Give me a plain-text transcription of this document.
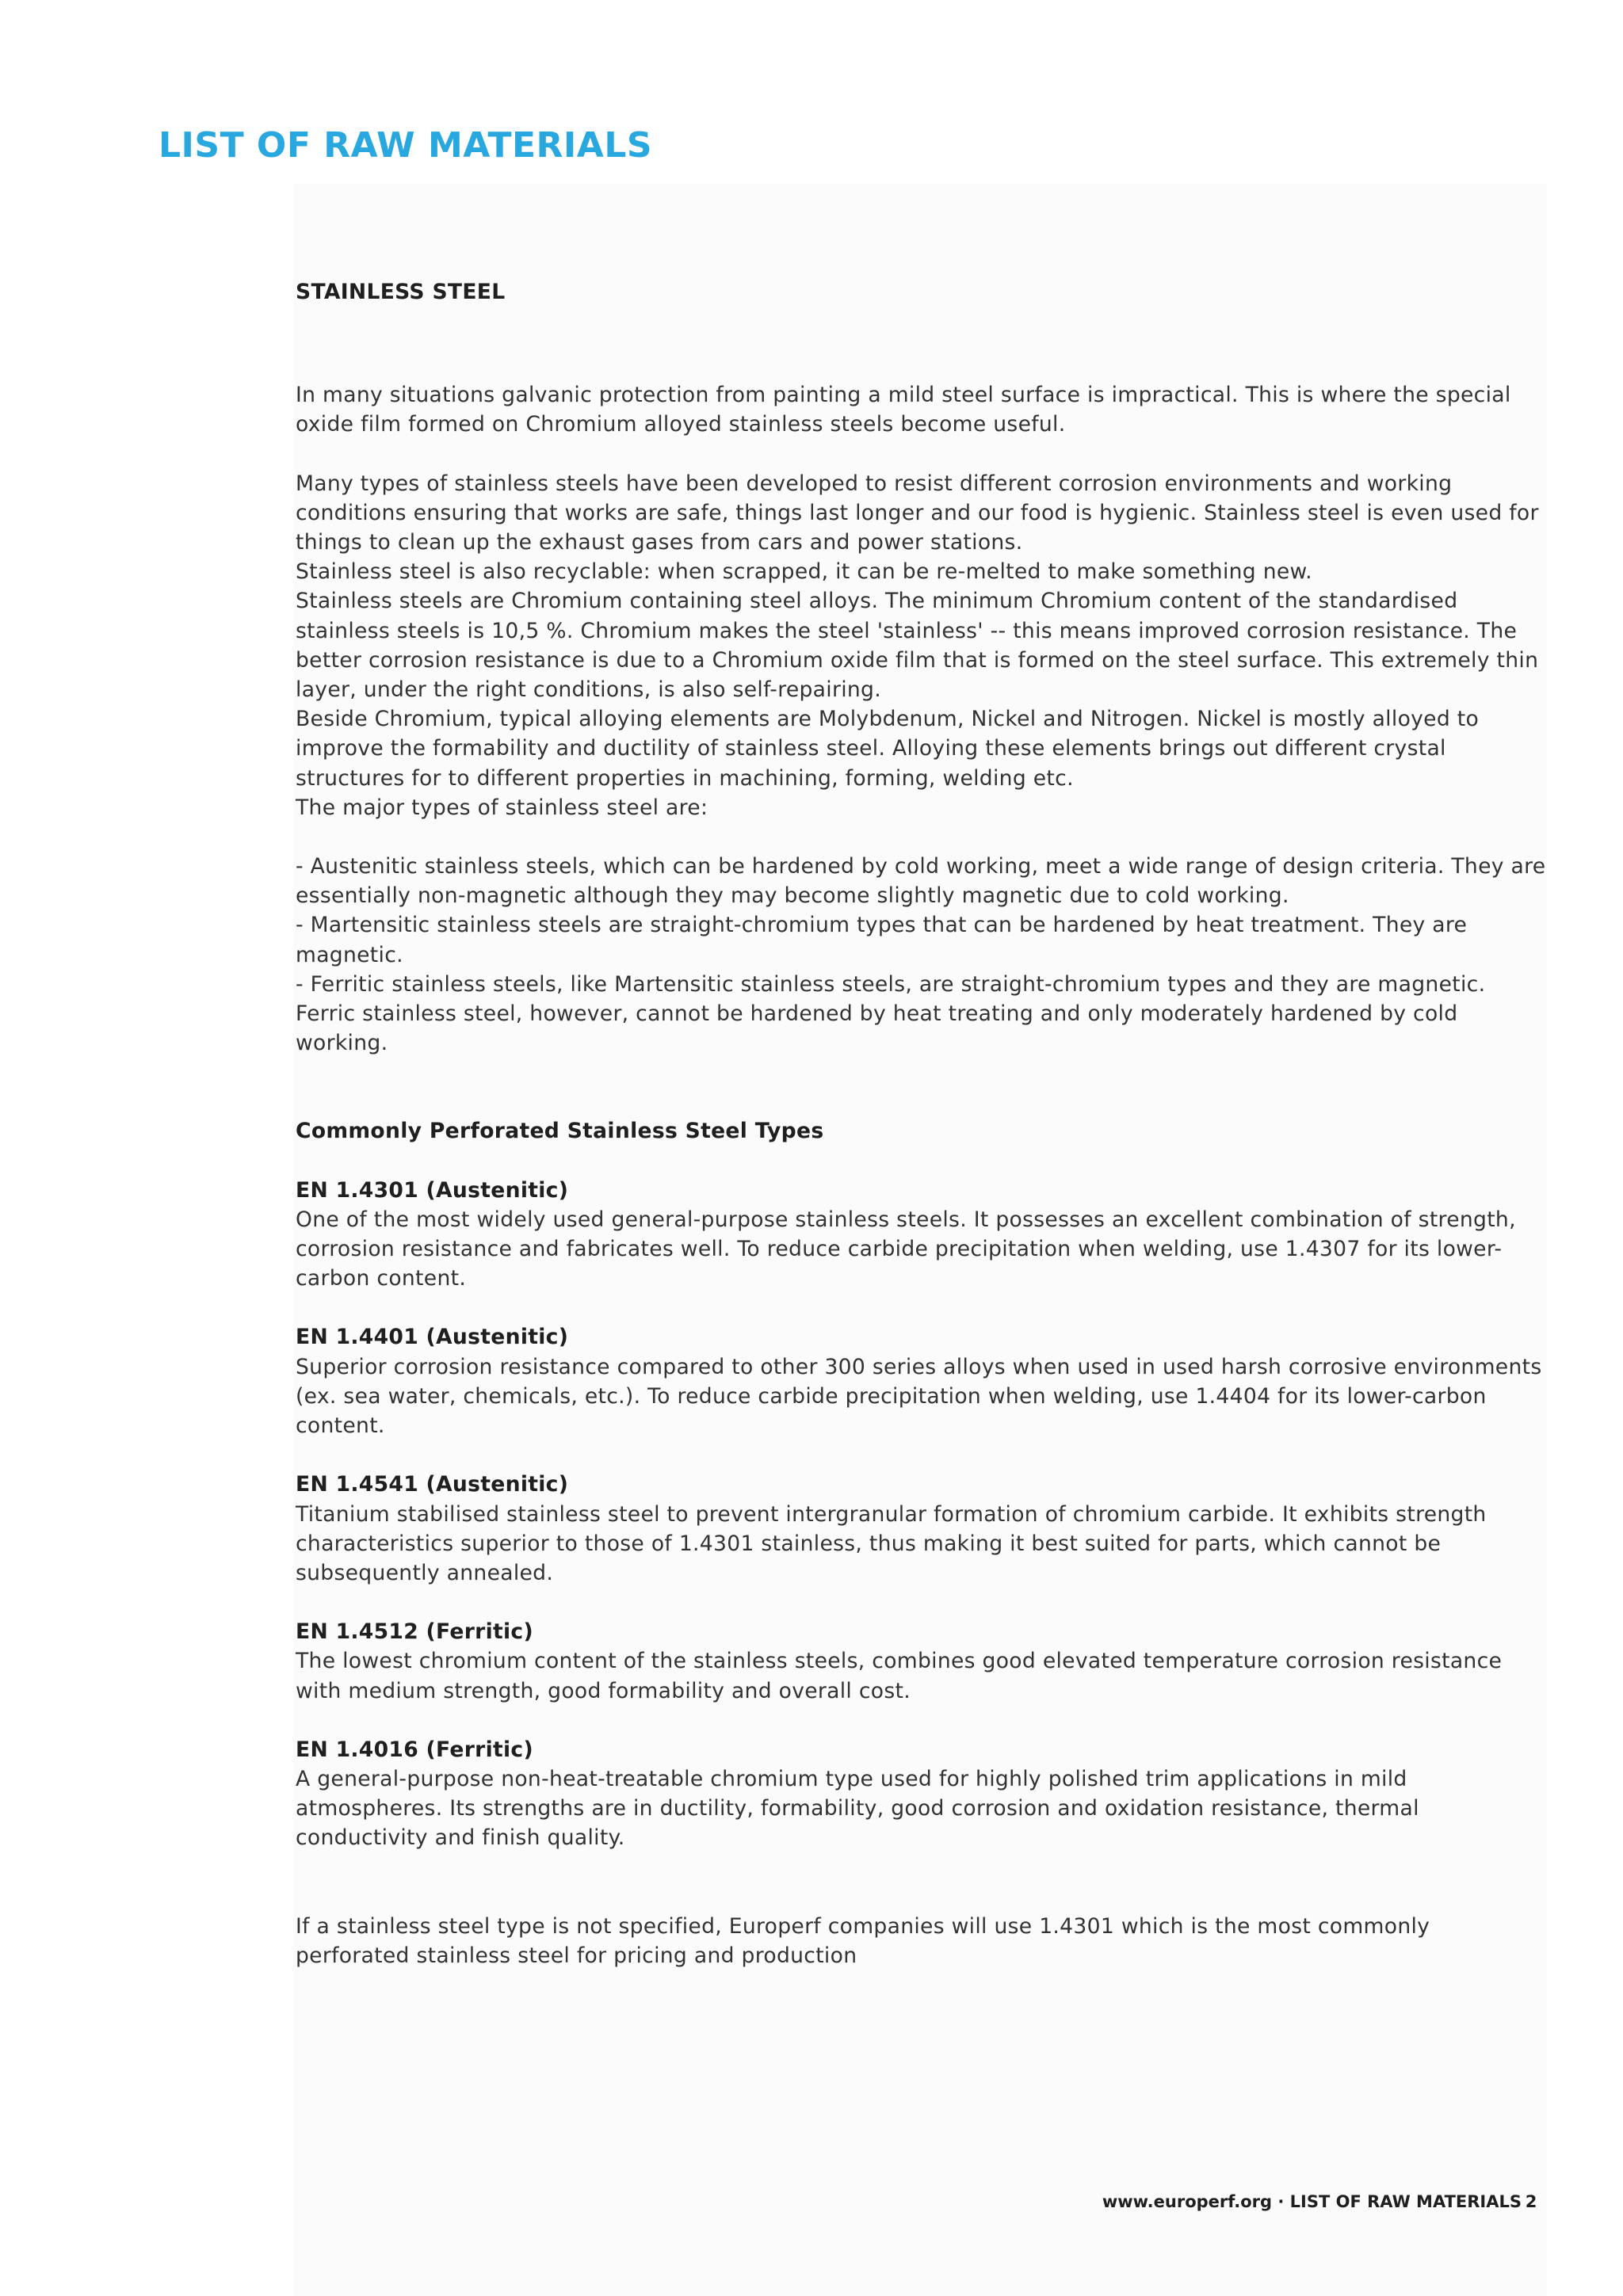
LIST OF RAW MATERIALS

STAINLESS STEEL

In many situations galvanic protection from painting a mild steel surface is impractical. This is where the special oxide film formed on Chromium alloyed stainless steels become useful.

Many types of stainless steels have been developed to resist different corrosion environments and working conditions ensuring that works are safe, things last longer and our food is hygienic. Stainless steel is even used for things to clean up the exhaust gases from cars and power stations.

Stainless steel is also recyclable: when scrapped, it can be re-melted to make something new.

Stainless steels are Chromium containing steel alloys. The minimum Chromium content of the standardised stainless steels is 10,5 %. Chromium makes the steel 'stainless' -- this means improved corrosion resistance. The better corrosion resistance is due to a Chromium oxide film that is formed on the steel surface. This extremely thin layer, under the right conditions, is also self-repairing.

Beside Chromium, typical alloying elements are Molybdenum, Nickel and Nitrogen. Nickel is mostly alloyed to improve the formability and ductility of stainless steel. Alloying these elements brings out different crystal structures for to different properties in machining, forming, welding etc.

The major types of stainless steel are:

- Austenitic stainless steels, which can be hardened by cold working, meet a wide range of design criteria. They are essentially non-magnetic although they may become slightly magnetic due to cold working.

- Martensitic stainless steels are straight-chromium types that can be hardened by heat treatment. They are magnetic.

- Ferritic stainless steels, like Martensitic stainless steels, are straight-chromium types and they are magnetic. Ferric stainless steel, however, cannot be hardened by heat treating and only moderately hardened by cold working.

Commonly Perforated Stainless Steel Types

EN 1.4301 (Austenitic)

One of the most widely used general-purpose stainless steels. It possesses an excellent combination of strength, corrosion resistance and fabricates well. To reduce carbide precipitation when welding, use 1.4307 for its lower-carbon content.

EN 1.4401 (Austenitic)

Superior corrosion resistance compared to other 300 series alloys when used in used harsh corrosive environments (ex. sea water, chemicals, etc.). To reduce carbide precipitation when welding, use 1.4404 for its lower-carbon content.

EN 1.4541 (Austenitic)

Titanium stabilised stainless steel to prevent intergranular formation of chromium carbide. It exhibits strength characteristics superior to those of 1.4301 stainless, thus making it best suited for parts, which cannot be subsequently annealed.

EN 1.4512 (Ferritic)

The lowest chromium content of the stainless steels, combines good elevated temperature corrosion resistance with medium strength, good formability and overall cost.

EN 1.4016 (Ferritic)

A general-purpose non-heat-treatable chromium type used for highly polished trim applications in mild atmospheres. Its strengths are in ductility, formability, good corrosion and oxidation resistance, thermal conductivity and finish quality.

If a stainless steel type is not specified, Europerf companies will use 1.4301 which is the most commonly perforated stainless steel for pricing and production

www.europerf.org · LIST OF RAW MATERIALS 2
